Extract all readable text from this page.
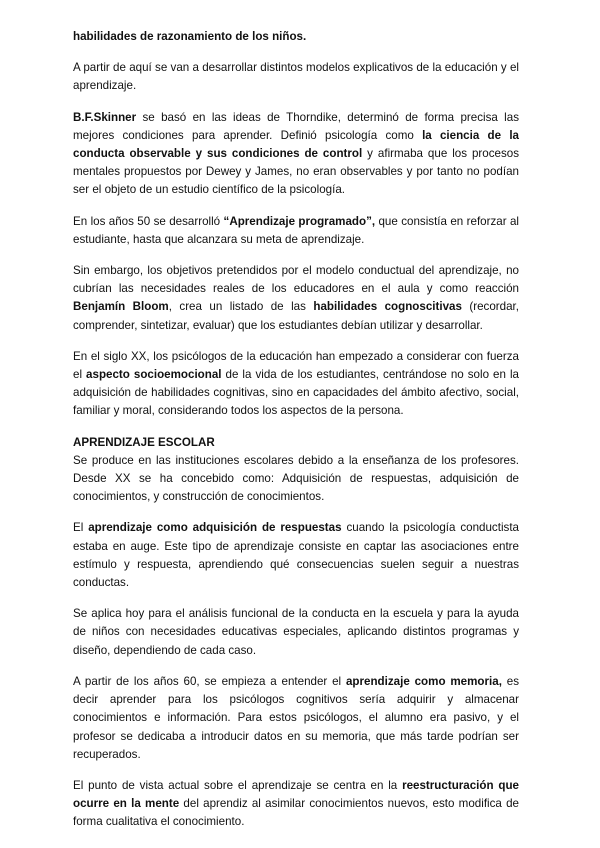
habilidades de razonamiento de los niños.

A partir de aquí se van a desarrollar distintos modelos explicativos de la educación y el aprendizaje.

B.F.Skinner se basó en las ideas de Thorndike, determinó de forma precisa las mejores condiciones para aprender. Definió psicología como la ciencia de la conducta observable y sus condiciones de control y afirmaba que los procesos mentales propuestos por Dewey y James, no eran observables y por tanto no podían ser el objeto de un estudio científico de la psicología.

En los años 50 se desarrolló “Aprendizaje programado”, que consistía en reforzar al estudiante, hasta que alcanzara su meta de aprendizaje.

Sin embargo, los objetivos pretendidos por el modelo conductual del aprendizaje, no cubrían las necesidades reales de los educadores en el aula y como reacción Benjamín Bloom, crea un listado de las habilidades cognoscitivas (recordar, comprender, sintetizar, evaluar) que los estudiantes debían utilizar y desarrollar.

En el siglo XX, los psicólogos de la educación han empezado a considerar con fuerza el aspecto socioemocional de la vida de los estudiantes, centrándose no solo en la adquisición de habilidades cognitivas, sino en capacidades del ámbito afectivo, social, familiar y moral, considerando todos los aspectos de la persona.

APRENDIZAJE ESCOLAR

Se produce en las instituciones escolares debido a la enseñanza de los profesores. Desde XX se ha concebido como: Adquisición de respuestas, adquisición de conocimientos, y construcción de conocimientos.

El aprendizaje como adquisición de respuestas cuando la psicología conductista estaba en auge. Este tipo de aprendizaje consiste en captar las asociaciones entre estímulo y respuesta, aprendiendo qué consecuencias suelen seguir a nuestras conductas.

Se aplica hoy para el análisis funcional de la conducta en la escuela y para la ayuda de niños con necesidades educativas especiales, aplicando distintos programas y diseño, dependiendo de cada caso.

A partir de los años 60, se empieza a entender el aprendizaje como memoria, es decir aprender para los psicólogos cognitivos sería adquirir y almacenar conocimientos e información. Para estos psicólogos, el alumno era pasivo, y el profesor se dedicaba a introducir datos en su memoria, que más tarde podrían ser recuperados.

El punto de vista actual sobre el aprendizaje se centra en la reestructuración que ocurre en la mente del aprendiz al asimilar conocimientos nuevos, esto modifica de forma cualitativa el conocimiento.
